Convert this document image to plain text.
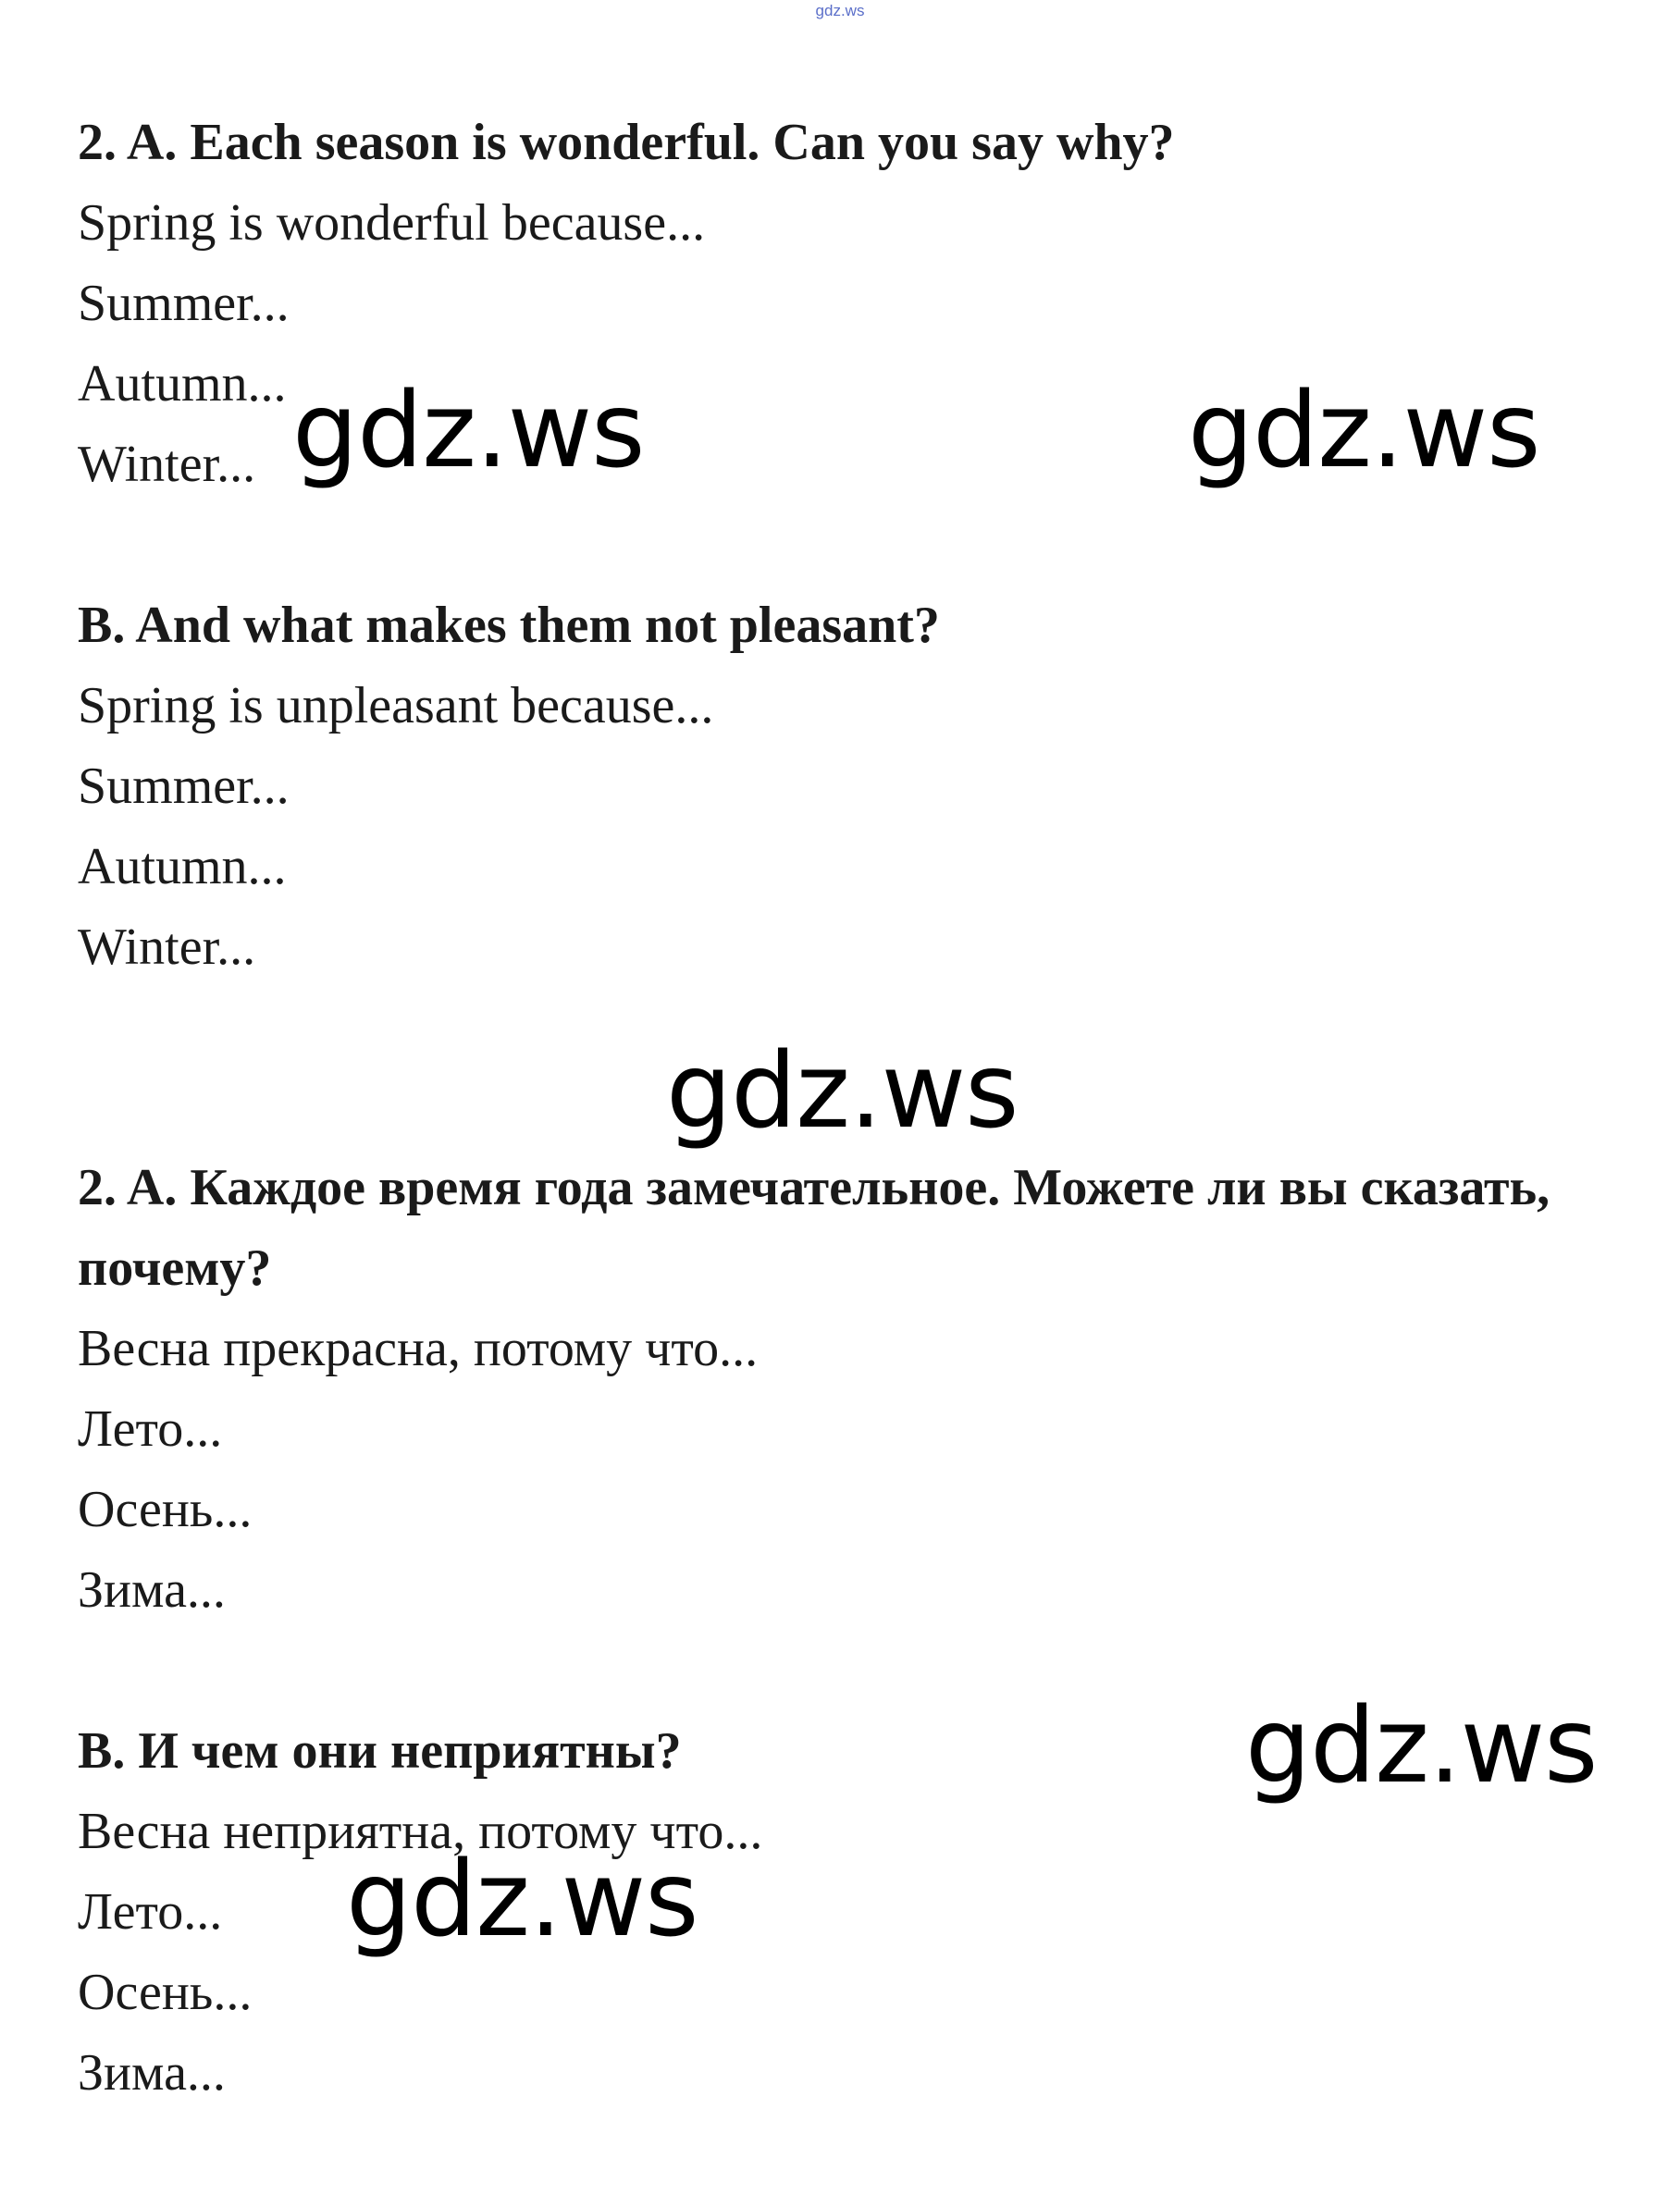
gdz.ws
2. A. Each season is wonderful. Can you say why?
Spring is wonderful because...
Summer...
Autumn...
Winter...
B. And what makes them not pleasant?
Spring is unpleasant because...
Summer...
Autumn...
Winter...
2. A. Каждое время года замечательное. Можете ли вы сказать,
почему?
Весна прекрасна, потому что...
Лето...
Осень...
Зима...
B. И чем они неприятны?
Весна неприятна, потому что...
Лето...
Осень...
Зима...
gdz.ws	gdz.ws
gdz.ws
gdz.ws
gdz.ws
